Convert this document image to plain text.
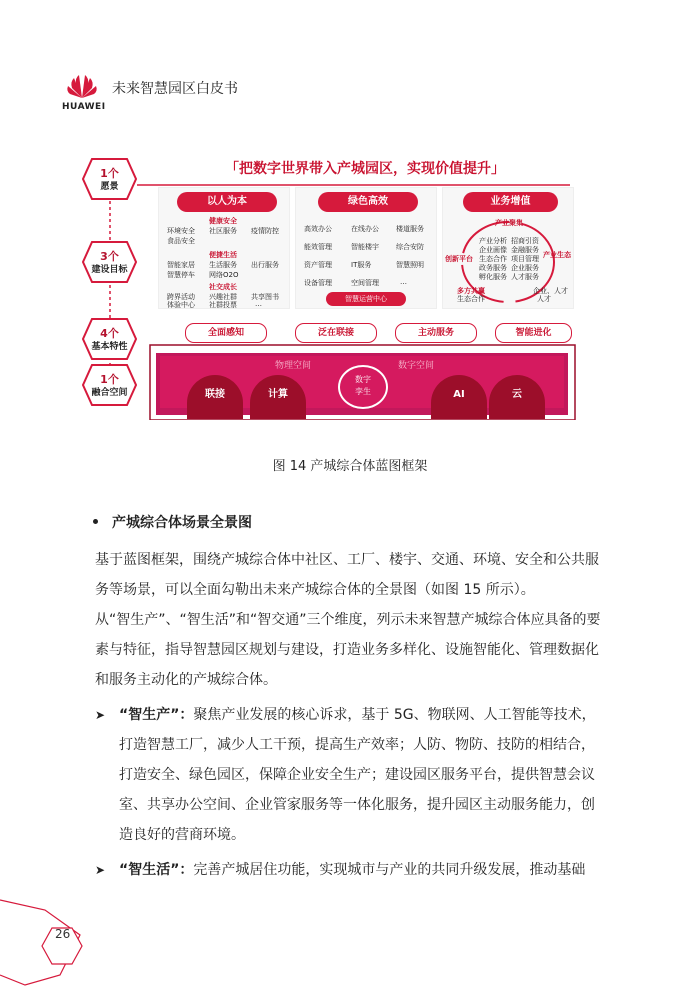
HUAWEI
未来智慧园区白皮书
1个
愿景
3个
建设目标
4个
基本特性
1个
融合空间
「把数字世界带入产城园区，实现价值提升」
以人为本
环境安全 社区服务 疫情防控
食品安全
健康安全
智能家居 生活服务 出行服务
智慧停车
便捷生活
网络O2O
跨界活动 兴趣社群 共享图书
体验中心 社群投票
社交成长
…
绿色高效
高效办公	在线办公 楼道服务
能效管理	智能楼宇 综合安防
资产管理	IT服务	智慧照明
设备管理	空间管理	…
智慧运营中心
业务增值
产业聚集
产业分析 招商引资
企业画像 金融服务
生态合作 项目管理
政务服务 企业服务
孵化服务 人才服务
创新平台	产业生态
多方共赢
生态合作
企业、人才
人才
全面感知	泛在联接	主动服务	智能进化
物理空间	数字空间
数字
孪生
联接	计算	AI	云
图 14 产城综合体蓝图框架
产城综合体场景全景图
基于蓝图框架，围绕产城综合体中社区、工厂、楼宇、交通、环境、安全和公共服务等场景，可以全面勾勒出未来产城综合体的全景图（如图 15 所示）。
从“智生产”、“智生活”和“智交通”三个维度，列示未来智慧产城综合体应具备的要素与特征，指导智慧园区规划与建设，打造业务多样化、设施智能化、管理数据化和服务主动化的产城综合体。
➤ “智生产”：聚焦产业发展的核心诉求，基于 5G、物联网、人工智能等技术，打造智慧工厂，减少人工干预，提高生产效率；人防、物防、技防的相结合，打造安全、绿色园区，保障企业安全生产；建设园区服务平台，提供智慧会议室、共享办公空间、企业管家服务等一体化服务，提升园区主动服务能力，创造良好的营商环境。
➤ “智生活”：完善产城居住功能，实现城市与产业的共同升级发展，推动基础
26
